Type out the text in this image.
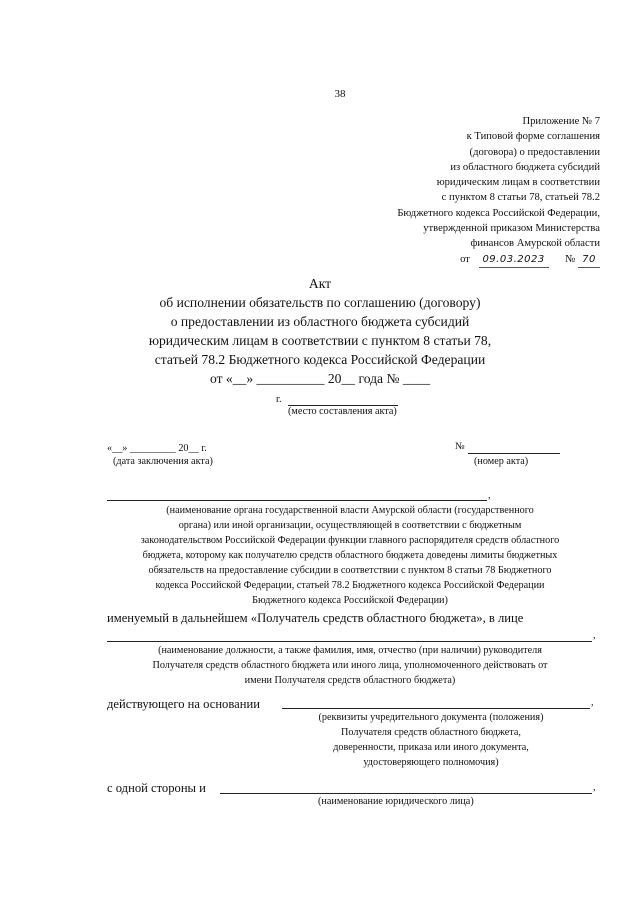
38
Приложение № 7
к Типовой форме соглашения
(договора) о предоставлении
из областного бюджета субсидий
юридическим лицам в соответствии
с пунктом 8 статьи 78, статьей 78.2
Бюджетного кодекса Российской Федерации,
утвержденной приказом Министерства
финансов Амурской области
от 09.03.2023 № 70
Акт
об исполнении обязательств по соглашению (договору)
о предоставлении из областного бюджета субсидий
юридическим лицам в соответствии с пунктом 8 статьи 78,
статьей 78.2 Бюджетного кодекса Российской Федерации
от «__» __________ 20__ года № ____
г.
(место составления акта)
«__» _________ 20__ г.
(дата заключения акта)
№
(номер акта)
,
(наименование органа государственной власти Амурской области (государственного
органа) или иной организации, осуществляющей в соответствии с бюджетным
законодательством Российской Федерации функции главного распорядителя средств областного
бюджета, которому как получателю средств областного бюджета доведены лимиты бюджетных
обязательств на предоставление субсидии в соответствии с пунктом 8 статьи 78 Бюджетного
кодекса Российской Федерации, статьей 78.2 Бюджетного кодекса Российской Федерации
Бюджетного кодекса Российской Федерации)
именуемый в дальнейшем «Получатель средств областного бюджета», в лице
,
(наименование должности, а также фамилия, имя, отчество (при наличии) руководителя
Получателя средств областного бюджета или иного лица, уполномоченного действовать от
имени Получателя средств областного бюджета)
действующего на основании	,
(реквизиты учредительного документа (положения)
Получателя средств областного бюджета,
доверенности, приказа или иного документа,
удостоверяющего полномочия)
с одной стороны и	,
(наименование юридического лица)
